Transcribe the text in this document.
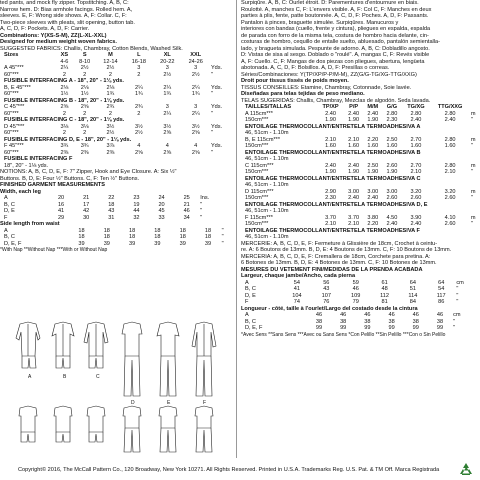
ted pants, and mock fly zipper. Topstitching. A, B, C:
Narrow hem. D: Bias armhole facings. Rolled hem. A,
sleeves. E, F: Wrong side shows. A, F: Collar. C, F:
Two-piece sleeves with pleats, slit opening, button tab.
A, C, D, F: Pockets. A, D, F: Carrier.
Combinations: Y(XS-S-M), ZZ(L-XL-XXL)
Designed for medium weight woven fabrics.
SUGGESTED FABRICS: Challis, Chambray, Cotton Blends, Washed Silk.
Sizes	XS	S	M	L	XL	XXL	
	4-6	8-10	12-14	16-18	20-22	24-26	
A 45"***	2¼	2½	2½	3	3	3	Yds.
60"***	2	2	2	2	2½	2½	"
FUSIBLE INTERFACING A - 18", 20" - 1⅛ yds.							
B, E 45"***	2⅛	2⅛	2⅛	2¼	2¼	2¼	Yds.
60"***	1½	1½	1¾	1¾	1¾	1¾	"
FUSIBLE INTERFACING B - 18", 20" - 1⅛ yds.							
C 45"***	2⅝	2⅝	2¾	2¾	3	3	Yds.
60"***	2	2	2	2	2¼	2¼	"
FUSIBLE INTERFACING C - 18", 20" - 1⅛ yds.							
D 45"***	3⅛	3⅛	3½	3½	3½	3½	Yds.
60"***	2	2	2½	2½	2⅝	2⅝	"
FUSIBLE INTERFACING D, E - 18", 20" - 1⅛ yds.							
F 45"***	3¾	3¾	3⅞	4	4	4	Yds.
60"***	2⅜	2⅜	2⅜	2⅝	2⅝	2⅝	"
FUSIBLE INTERFACING F							
18", 20" - 1⅛ yds.							
NOTIONS: A, B, C, D, E, F: 7" Zipper, Hook and Eye Closure. A: Six ½"
Buttons. B, D, E: Four ½" Buttons. C, F: Ten ½" Buttons.
FINISHED GARMENT MEASUREMENTS
Width, each leg
A	20	21	22	23	24	25	Ins.
B, C	16	17	18	19	20	21	"
D, E	41	42	43	44	45	46	"
F	29	30	31	32	33	34	"
Side length from waist
A	18	18	18	18	18	18	"
B, C	18	18	18	18	18	18	"
D, E, F	39	39	39	39	39	39	"
*With Nap **Without Nap ***With or Without Nap
A	B	C
D	E	F
Surpiqûre. A, B, C: Ourlet étroit. D: Parementures d'entournure en biais.
Roulotté. A, manches C, F: L'envers visible. A, F: Col C, F: Manches en deux
parties à plis, fente, patte boutonnée. A, C, D, F: Poches. A, D, F: Passants.
Pantalon à pinces, braguette simulée. Surpiqûres. Manucuros y
interiores con bandas (cuello, frente y cintura), pliegues en espalda, espalda
de parada con forro de la misma tela, costura de hombro hacia delante, cin-
costuras de hombro, cequillo de entalle suelto, abluesado, pantalón semientalla-
lado, y bragueta simulada. Pespunte de adorno. A, B, C: Dobladillo angosto.
D: Vistas de sisa al sesgo. Doblado o "roulé". A, mangas C, F: Revés visible
A, F: Cuello. C, F: Mangas de dos piezas con pliegues, abertura, lengüeta
abotonada. A, C, D, F: Bolsillos. A, D, F: Presillas o correas.
Séries/Combinaciones: Y(TP/XP/P-P/M-M), ZZ(G/G-TG/XG-TTG/XXG)
Droit pour tissus tissés de poids moyen.
TISSUS CONSEILLÉS: Étamine, Chambray, Cotonnade, Soie lavée.
Diseñadas para telas tejidas de peso mediano.
TELAS SUGERIDAS: Challis, Chambray, Mezclas de algodón. Seda lavada.
TAILLES/TALLAS	TP/XP	P/P	M/M	G/G	TG/XG	TTG/XXG	
A 115cm***	2.40	2.40	2.40	2.80	2.80	2.80	m
150cm***	1.90	1.90	1.90	2.30	2.40	2.40	"
ENTOILAGE THERMOCOLLANT/ENTRETELA TERMOADHESIVA A							
46, 51cm - 1.10m							
B, E 115cm***	2.10	2.10	2.20	2.50	2.70	2.80	m
150cm***	1.60	1.60	1.60	1.60	1.60	1.60	"
ENTOILAGE THERMOCOLLANT/ENTRETELA TERMOADHESIVA B							
46, 51cm - 1.10m							
C 115cm***	2.40	2.40	2.50	2.60	2.70	2.80	m
150cm***	1.90	1.90	1.90	1.90	2.10	2.10	"
ENTOILAGE THERMOCOLLANT/ENTRETELA TERMOADHESIVA C							
46, 51cm - 1.10m							
D 115cm***	2.90	3.00	3.00	3.00	3.20	3.20	m
150cm***	2.30	2.40	2.40	2.60	2.60	2.60	"
ENTOILAGE THERMOCOLLANT/ENTRETELA TERMOADHESIVA D, E							
46, 51cm - 1.10m							
F 115cm***	3.70	3.70	3.80	4.50	3.90	4.10	m
150cm***	2.10	2.10	2.20	2.40	2.40	2.60	"
ENTOILAGE THERMOCOLLANT/ENTRETELA TERMOADHESIVA F							
46, 51cm - 1.10m							
MERCERIE: A, B, C, D, E, F: Fermeture à Glissière de 18cm, Crochet à ceintu-
re. A: 6 Boutons de 13mm. B, D, E: 4 Boutons de 13mm. C, F: 10 Boutons de 13mm.
MERCERÍA: A, B, C, D, E, F: Cremallera de 18cm, Corchete para pretina. A:
6 Botones de 13mm. B, D, E: 4 Botones de 13mm. C, F: 10 Botones de 13mm.
MESURES DU VÊTEMENT FINI/MEDIDAS DE LA PRENDA ACABADA
Largeur, chaque jambe/Ancho, cada pierna
A	54	56	59	61	64	64	cm
B, C	41	43	46	48	51	54	"
D, E	104	107	109	112	114	117	"
F	74	76	79	81	84	86	"
Longueur - côté, taille à l'ourlet/Largo del costado desde la cintura
A	46	46	46	46	46	46	cm
B, C	38	38	38	38	38	38	"
D, E, F	99	99	99	99	99	99	"
*Avec Sens **Sans Sens ***Avec ou Sans Sens *Con Pelillo **Sin Pelillo ***Con o Sin Pelillo
Copyright© 2016, The McCall Pattern Co., 120 Broadway, New York 10271. All Rights Reserved. Printed in U.S.A. Trademarks Reg. U.S. Pat. & TM Off. Marca Registrada
